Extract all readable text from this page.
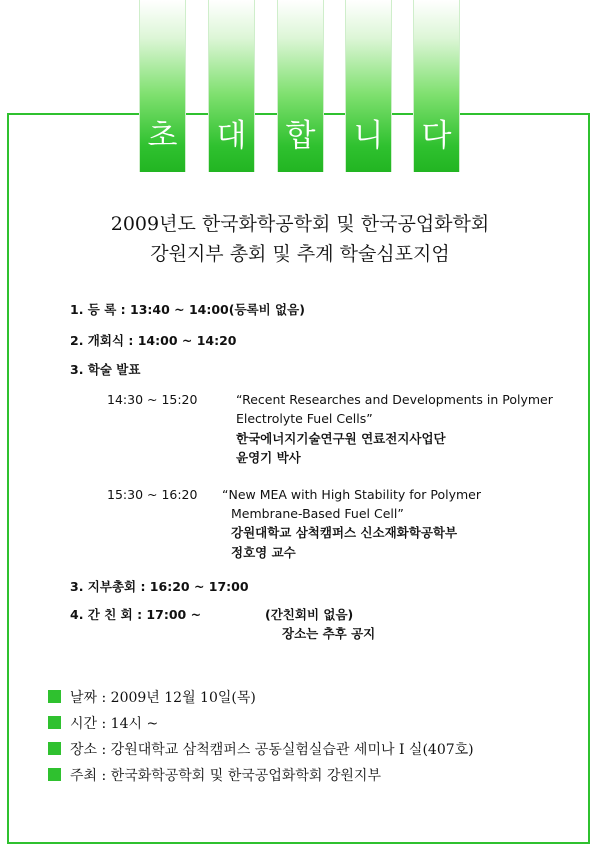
초 대 합 니 다
2009년도 한국화학공학회 및 한국공업화학회
강원지부 총회 및 추계 학술심포지엄
1. 등 록 : 13:40 ~ 14:00(등록비 없음)
2. 개회식 : 14:00 ~ 14:20
3. 학술 발표
14:30 ~ 15:20	“Recent Researches and Developments in Polymer
Electrolyte Fuel Cells”
한국에너지기술연구원 연료전지사업단
윤영기 박사
15:30 ~ 16:20 “New MEA with High Stability for Polymer
Membrane-Based Fuel Cell”
강원대학교 삼척캠퍼스 신소재화학공학부
정호영 교수
3. 지부총회 : 16:20 ~ 17:00
4. 간 친 회 : 17:00 ~	(간친회비 없음)
장소는 추후 공지
날짜 : 2009년 12월 10일(목)
시간 : 14시 ~
장소 : 강원대학교 삼척캠퍼스 공동실험실습관 세미나 I 실(407호)
주최 : 한국화학공학회 및 한국공업화학회 강원지부
